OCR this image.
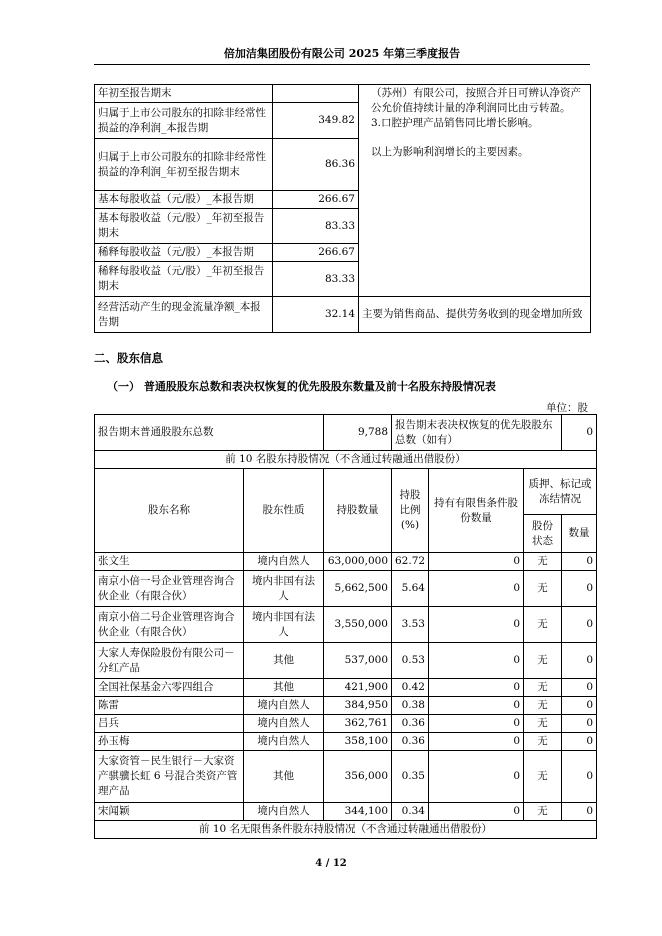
倍加洁集团股份有限公司 2025 年第三季度报告
年初至报告期末		（苏州）有限公司，按照合并日可辨认净资产公允价值持续计量的净利润同比由亏转盈。

3.口腔护理产品销售同比增长影响。

以上为影响利润增长的主要因素。

归属于上市公司股东的扣除非经常性损益的净利润_本报告期	349.82	
归属于上市公司股东的扣除非经常性损益的净利润_年初至报告期末	86.36	
基本每股收益（元/股）_本报告期	266.67	
基本每股收益（元/股）_年初至报告期末	83.33	
稀释每股收益（元/股）_本报告期	266.67	
稀释每股收益（元/股）_年初至报告期末	83.33	
经营活动产生的现金流量净额_本报告期	32.14	主要为销售商品、提供劳务收到的现金增加所致
二、股东信息
（一） 普通股股东总数和表决权恢复的优先股股东数量及前十名股东持股情况表
单位：股
报告期末普通股股东总数		9,788	报告期末表决权恢复的优先股股东总数（如有）			0
前 10 名股东持股情况（不含通过转融通出借股份）						
股东名称	股东性质	持股数量	持股比例(%)	持有有限售条件股份数量	质押、标记或冻结情况	
					股份状态	数量
张文生	境内自然人	63,000,000	62.72	0	无	0
南京小倍一号企业管理咨询合伙企业（有限合伙）	境内非国有法人	5,662,500	5.64	0	无	0
南京小倍二号企业管理咨询合伙企业（有限合伙）	境内非国有法人	3,550,000	3.53	0	无	0
大家人寿保险股份有限公司－分红产品	其他	537,000	0.53	0	无	0
全国社保基金六零四组合	其他	421,900	0.42	0	无	0
陈雷	境内自然人	384,950	0.38	0	无	0
吕兵	境内自然人	362,761	0.36	0	无	0
孙玉梅	境内自然人	358,100	0.36	0	无	0
大家资管－民生银行－大家资产骐骥长虹 6 号混合类资产管理产品	其他	356,000	0.35	0	无	0
宋闻颖	境内自然人	344,100	0.34	0	无	0
前 10 名无限售条件股东持股情况（不含通过转融通出借股份）						
4 / 12
